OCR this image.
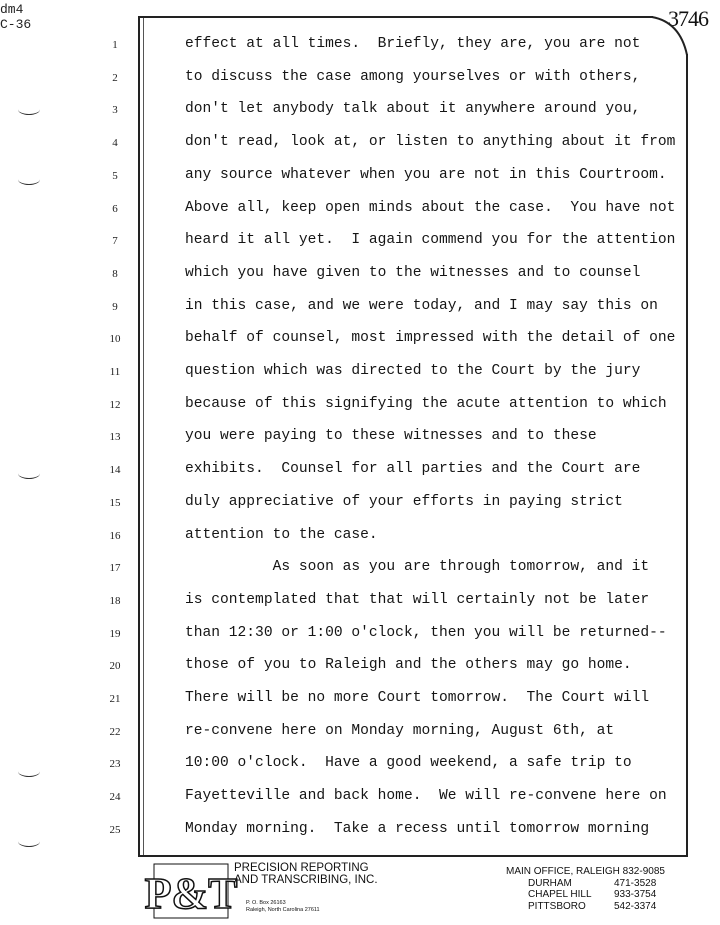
dm4
C-36	3746
1	effect at all times.  Briefly, they are, you are not
2	to discuss the case among yourselves or with others,
3	don't let anybody talk about it anywhere around you,
4	don't read, look at, or listen to anything about it from
5	any source whatever when you are not in this Courtroom.
6	Above all, keep open minds about the case.  You have not
7	heard it all yet.  I again commend you for the attention
8	which you have given to the witnesses and to counsel
9	in this case, and we were today, and I may say this on
10	behalf of counsel, most impressed with the detail of one
11	question which was directed to the Court by the jury
12	because of this signifying the acute attention to which
13	you were paying to these witnesses and to these
14	exhibits.  Counsel for all parties and the Court are
15	duly appreciative of your efforts in paying strict
16	attention to the case.
17	As soon as you are through tomorrow, and it
18	is contemplated that that will certainly not be later
19	than 12:30 or 1:00 o'clock, then you will be returned--
20	those of you to Raleigh and the others may go home.
21	There will be no more Court tomorrow.  The Court will
22	re-convene here on Monday morning, August 6th, at
23	10:00 o'clock.  Have a good weekend, a safe trip to
24	Fayetteville and back home.  We will re-convene here on
25	Monday morning.  Take a recess until tomorrow morning
P&T
PRECISION REPORTING
AND TRANSCRIBING, INC.
P. O. Box 26163
Raleigh, North Carolina 27611
MAIN OFFICE, RALEIGH 832-9085
DURHAM	471-3528
CHAPEL HILL 933-3754
PITTSBORO	542-3374
